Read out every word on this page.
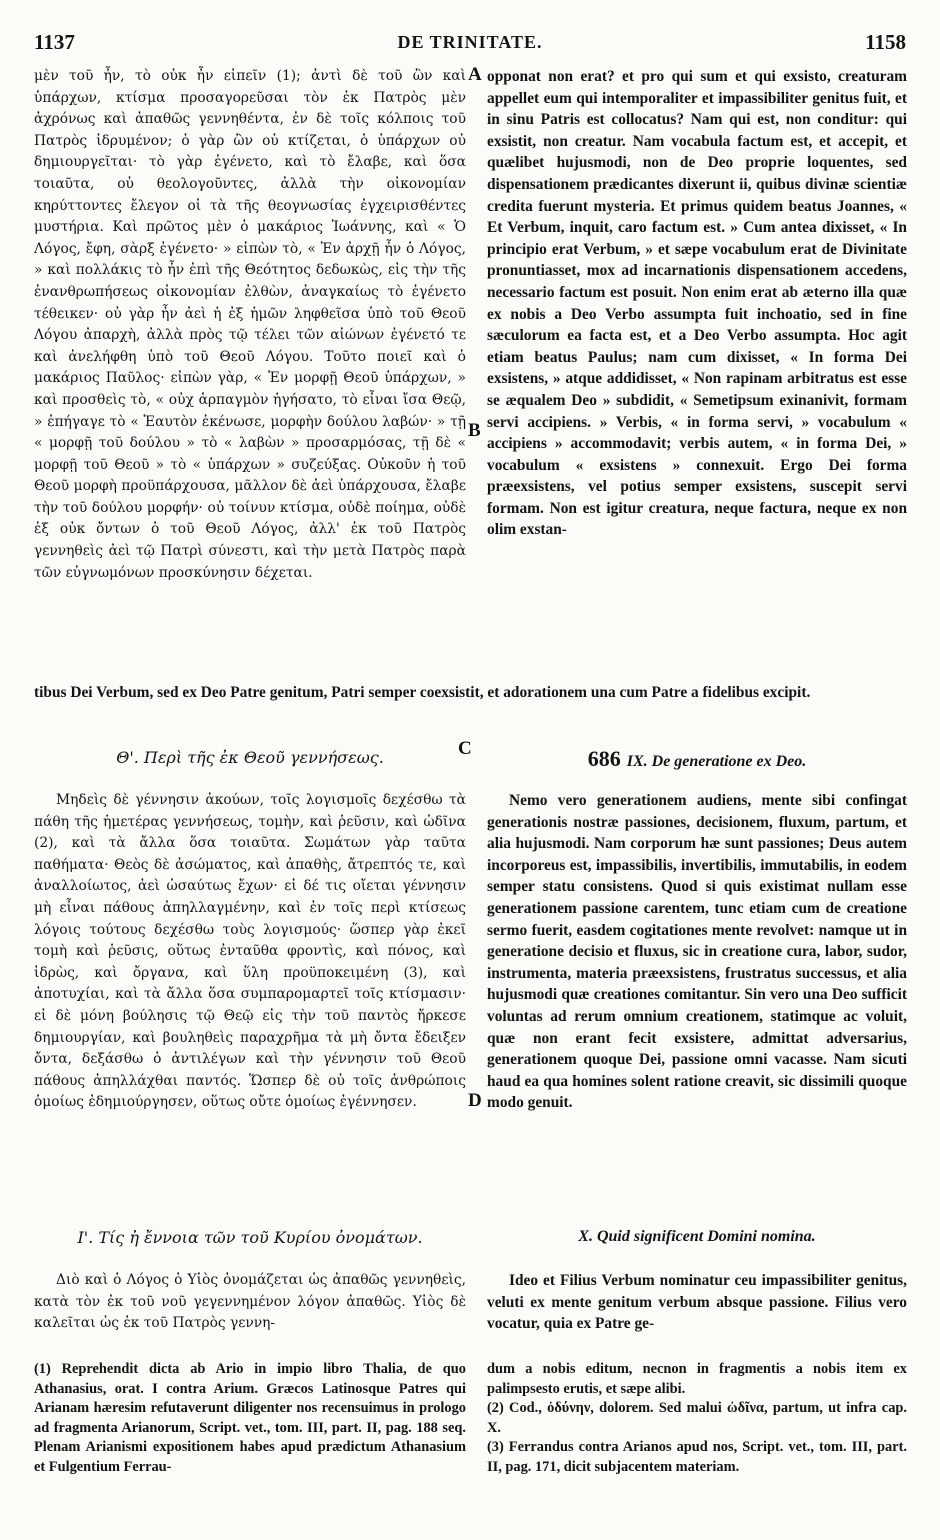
1137	DE TRINITATE.	1158

μὲν τοῦ ἦν, τὸ οὐκ ἦν εἰπεῖν (1); ἀντὶ δὲ τοῦ ὢν καὶ ὑπάρχων, κτίσμα προσαγορεῦσαι τὸν ἐκ Πατρὸς μὲν ἀχρόνως καὶ ἀπαθῶς γεννηθέντα, ἐν δὲ τοῖς κόλποις τοῦ Πατρὸς ἱδρυμένον; ὁ γὰρ ὢν οὐ κτίζεται, ὁ ὑπάρχων οὐ δημιουργεῖται· τὸ γὰρ ἐγένετο, καὶ τὸ ἔλαβε, καὶ ὅσα τοιαῦτα, οὐ θεολογοῦντες, ἀλλὰ τὴν οἰκονομίαν κηρύττοντες ἔλεγον οἱ τὰ τῆς θεογνωσίας ἐγχειρισθέντες μυστήρια. Καὶ πρῶτος μὲν ὁ μακάριος Ἰωάννης, καὶ « Ὁ Λόγος, ἔφη, σὰρξ ἐγένετο· » εἰπὼν τὸ, « Ἐν ἀρχῇ ἦν ὁ Λόγος, » καὶ πολλάκις τὸ ἦν ἐπὶ τῆς Θεότητος δεδωκὼς, εἰς τὴν τῆς ἐνανθρωπήσεως οἰκονομίαν ἐλθὼν, ἀναγκαίως τὸ ἐγένετο τέθεικεν· οὐ γὰρ ἦν ἀεὶ ἡ ἐξ ἡμῶν ληφθεῖσα ὑπὸ τοῦ Θεοῦ Λόγου ἀπαρχὴ, ἀλλὰ πρὸς τῷ τέλει τῶν αἰώνων ἐγένετό τε καὶ ἀνελήφθη ὑπὸ τοῦ Θεοῦ Λόγου. Τοῦτο ποιεῖ καὶ ὁ μακάριος Παῦλος· εἰπὼν γὰρ, « Ἐν μορφῇ Θεοῦ ὑπάρχων, » καὶ προσθεὶς τὸ, « οὐχ ἁρπαγμὸν ἡγήσατο, τὸ εἶναι ἴσα Θεῷ, » ἐπήγαγε τὸ « Ἑαυτὸν ἐκένωσε, μορφὴν δούλου λαβών· » τῇ « μορφῇ τοῦ δούλου » τὸ « λαβὼν » προσαρμόσας, τῇ δὲ « μορφῇ τοῦ Θεοῦ » τὸ « ὑπάρχων » συζεύξας. Οὐκοῦν ἡ τοῦ Θεοῦ μορφὴ προϋπάρχουσα, μᾶλλον δὲ ἀεὶ ὑπάρχουσα, ἔλαβε τὴν τοῦ δούλου μορφήν· οὐ τοίνυν κτίσμα, οὐδὲ ποίημα, οὐδὲ ἐξ οὐκ ὄντων ὁ τοῦ Θεοῦ Λόγος, ἀλλ' ἐκ τοῦ Πατρὸς γεννηθεὶς ἀεὶ τῷ Πατρὶ σύνεστι, καὶ τὴν μετὰ Πατρὸς παρὰ τῶν εὐγνωμόνων προσκύνησιν δέχεται.

opponat non erat? et pro qui sum et qui exsisto, creaturam appellet eum qui intemporaliter et impassibiliter genitus fuit, et in sinu Patris est collocatus? Nam qui est, non conditur: qui exsistit, non creatur. Nam vocabula factum est, et accepit, et quælibet hujusmodi, non de Deo proprie loquentes, sed dispensationem prædicantes dixerunt ii, quibus divinæ scientiæ credita fuerunt mysteria. Et primus quidem beatus Joannes, « Et Verbum, inquit, caro factum est. » Cum antea dixisset, « In principio erat Verbum, » et sæpe vocabulum erat de Divinitate pronuntiasset, mox ad incarnationis dispensationem accedens, necessario factum est posuit. Non enim erat ab æterno illa quæ ex nobis a Deo Verbo assumpta fuit inchoatio, sed in fine sæculorum ea facta est, et a Deo Verbo assumpta. Hoc agit etiam beatus Paulus; nam cum dixisset, « In forma Dei exsistens, » atque addidisset, « Non rapinam arbitratus est esse se æqualem Deo » subdidit, « Semetipsum exinanivit, formam servi accipiens. » Verbis, « in forma servi, » vocabulum « accipiens » accommodavit; verbis autem, « in forma Dei, » vocabulum « exsistens » connexuit. Ergo Dei forma præexsistens, vel potius semper exsistens, suscepit servi formam. Non est igitur creatura, neque factura, neque ex non olim exstan-

A
B
C
D

tibus Dei Verbum, sed ex Deo Patre genitum, Patri semper coexsistit, et adorationem una cum Patre a fidelibus excipit.

Θ'. Περὶ τῆς ἐκ Θεοῦ γεννήσεως.	686 IX. De generatione ex Deo.

Μηδεὶς δὲ γέννησιν ἀκούων, τοῖς λογισμοῖς δεχέσθω τὰ πάθη τῆς ἡμετέρας γεννήσεως, τομὴν, καὶ ῥεῦσιν, καὶ ὠδῖνα (2), καὶ τὰ ἄλλα ὅσα τοιαῦτα. Σωμάτων γὰρ ταῦτα παθήματα· Θεὸς δὲ ἀσώματος, καὶ ἀπαθὴς, ἄτρεπτός τε, καὶ ἀναλλοίωτος, ἀεὶ ὡσαύτως ἔχων· εἰ δέ τις οἴεται γέννησιν μὴ εἶναι πάθους ἀπηλλαγμένην, καὶ ἐν τοῖς περὶ κτίσεως λόγοις τούτους δεχέσθω τοὺς λογισμούς· ὥσπερ γὰρ ἐκεῖ τομὴ καὶ ῥεῦσις, οὕτως ἐνταῦθα φροντὶς, καὶ πόνος, καὶ ἱδρὼς, καὶ ὄργανα, καὶ ὕλη προϋποκειμένη (3), καὶ ἀποτυχίαι, καὶ τὰ ἄλλα ὅσα συμπαρομαρτεῖ τοῖς κτίσμασιν· εἰ δὲ μόνη βούλησις τῷ Θεῷ εἰς τὴν τοῦ παντὸς ἤρκεσε δημιουργίαν, καὶ βουληθεὶς παραχρῆμα τὰ μὴ ὄντα ἔδειξεν ὄντα, δεξάσθω ὁ ἀντιλέγων καὶ τὴν γέννησιν τοῦ Θεοῦ πάθους ἀπηλλάχθαι παντός. Ὥσπερ δὲ οὐ τοῖς ἀνθρώποις ὁμοίως ἐδημιούργησεν, οὕτως οὔτε ὁμοίως ἐγέννησεν.

Nemo vero generationem audiens, mente sibi confingat generationis nostræ passiones, decisionem, fluxum, partum, et alia hujusmodi. Nam corporum hæ sunt passiones; Deus autem incorporeus est, impassibilis, invertibilis, immutabilis, in eodem semper statu consistens. Quod si quis existimat nullam esse generationem passione carentem, tunc etiam cum de creatione sermo fuerit, easdem cogitationes mente revolvet: namque ut in generatione decisio et fluxus, sic in creatione cura, labor, sudor, instrumenta, materia præexsistens, frustratus successus, et alia hujusmodi quæ creationes comitantur. Sin vero una Deo sufficit voluntas ad rerum omnium creationem, statimque ac voluit, quæ non erant fecit exsistere, admittat adversarius, generationem quoque Dei, passione omni vacasse. Nam sicuti haud ea qua homines solent ratione creavit, sic dissimili quoque modo genuit.

Ι'. Τίς ἡ ἔννοια τῶν τοῦ Κυρίου ὀνομάτων.	X. Quid significent Domini nomina.

Διὸ καὶ ὁ Λόγος ὁ Υἱὸς ὀνομάζεται ὡς ἀπαθῶς γεννηθεὶς, κατὰ τὸν ἐκ τοῦ νοῦ γεγεννημένον λόγον ἀπαθῶς. Υἱὸς δὲ καλεῖται ὡς ἐκ τοῦ Πατρὸς γεννη-

Ideo et Filius Verbum nominatur ceu impassibiliter genitus, veluti ex mente genitum verbum absque passione. Filius vero vocatur, quia ex Patre ge-

(1) Reprehendit dicta ab Ario in impio libro Thalia, de quo Athanasius, orat. I contra Arium. Græcos Latinosque Patres qui Arianam hæresim refutaverunt diligenter nos recensuimus in prologo ad fragmenta Arianorum, Script. vet., tom. III, part. II, pag. 188 seq. Plenam Arianismi expositionem habes apud prædictum Athanasium et Fulgentium Ferrau-

dum a nobis editum, necnon in fragmentis a nobis item ex palimpsesto erutis, et sæpe alibi.

(2) Cod., ὀδύνην, dolorem. Sed malui ὠδῖνα, partum, ut infra cap. X.

(3) Ferrandus contra Arianos apud nos, Script. vet., tom. III, part. II, pag. 171, dicit subjacentem materiam.
